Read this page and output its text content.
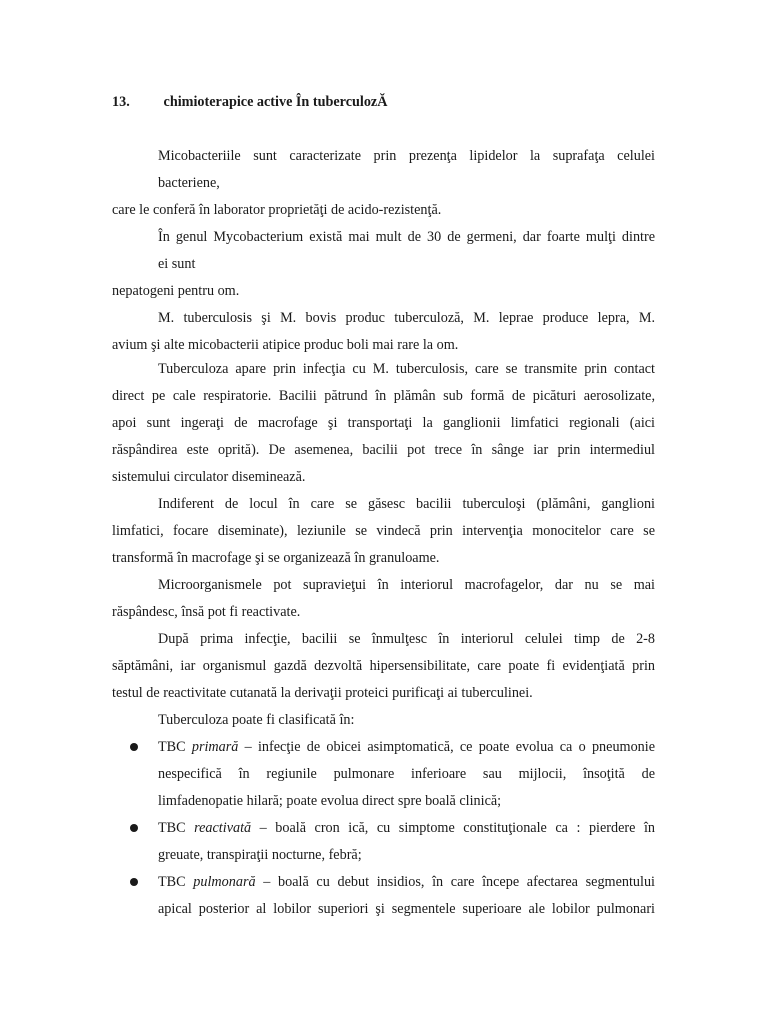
13. chimioterapice active În tuberculozĂ
Micobacteriile sunt caracterizate prin prezenţa lipidelor la suprafaţa celulei
bacteriene,
care le conferă în laborator proprietăţi de acido-rezistenţă.
În genul Mycobacterium există mai mult de 30 de germeni, dar foarte mulţi dintre
ei sunt
nepatogeni pentru om.
M. tuberculosis şi M. bovis produc tuberculoză, M. leprae produce lepra, M.
avium şi alte micobacterii atipice produc boli mai rare la om.
Tuberculoza apare prin infecţia cu M. tuberculosis, care se transmite prin contact
direct pe cale respiratorie. Bacilii pătrund în plămân sub formă de picături aerosolizate,
apoi sunt ingeraţi de macrofage şi transportaţi la ganglionii limfatici regionali (aici
răspândirea este oprită). De asemenea, bacilii pot trece în sânge iar prin intermediul
sistemului circulator diseminează.
Indiferent de locul în care se găsesc bacilii tuberculoşi (plămâni, ganglioni
limfatici, focare diseminate), leziunile se vindecă prin intervenţia monocitelor care se
transformă în macrofage şi se organizează în granuloame.
Microorganismele pot supravieţui în interiorul macrofagelor, dar nu se mai
răspândesc, însă pot fi reactivate.
După prima infecţie, bacilii se înmulţesc în interiorul celulei timp de 2-8
săptămâni, iar organismul gazdă dezvoltă hipersensibilitate, care poate fi evidenţiată prin
testul de reactivitate cutanată la derivaţii proteici purificaţi ai tuberculinei.
Tuberculoza poate fi clasificată în:
TBC primară – infecţie de obicei asimptomatică, ce poate evolua ca o pneumonie
nespecifică în regiunile pulmonare inferioare sau mijlocii, însoţită de
limfadenopatie hilară; poate evolua direct spre boală clinică;
TBC reactivată – boală cron ică, cu simptome constituţionale ca : pierdere în
greuate, transpiraţii nocturne, febră;
TBC pulmonară – boală cu debut insidios, în care începe afectarea segmentului
apical posterior al lobilor superiori şi segmentele superioare ale lobilor pulmonari
